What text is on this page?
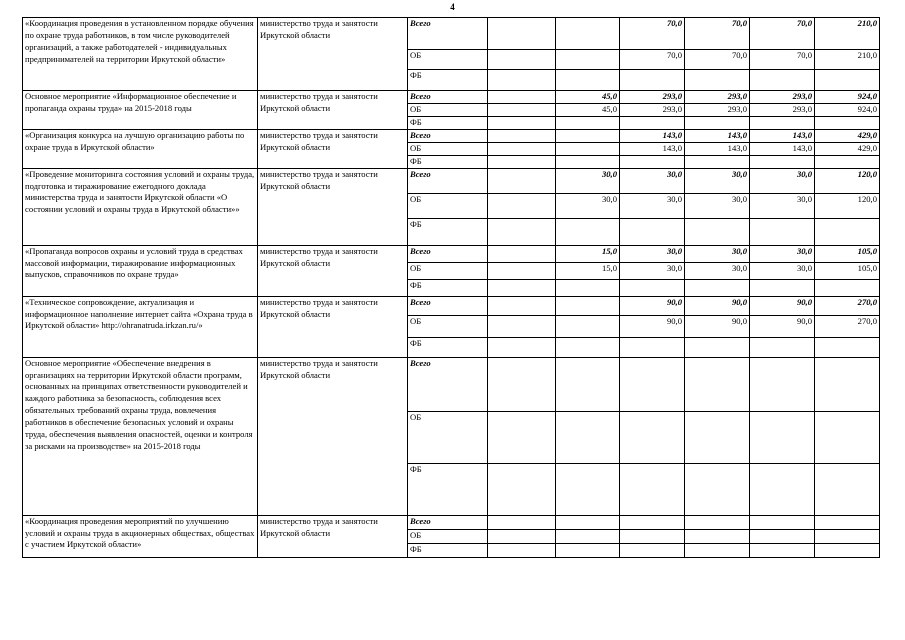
4
«Координация проведения в установленном порядке обучения по охране труда работников, в том числе руководителей организаций, а также работодателей - индивидуальных предпринимателей на территории Иркутской области»	министерство труда и занятости Иркутской области	Всего			70,0	70,0	70,0	210,0
		ОБ			70,0	70,0	70,0	210,0
		ФБ						
Основное мероприятие «Информационное обеспечение и пропаганда охраны труда» на 2015-2018 годы	министерство труда и занятости Иркутской области	Всего		45,0	293,0	293,0	293,0	924,0
		ОБ		45,0	293,0	293,0	293,0	924,0
		ФБ						
«Организация конкурса на лучшую организацию работы по охране труда в Иркутской области»	министерство труда и занятости Иркутской области	Всего			143,0	143,0	143,0	429,0
		ОБ			143,0	143,0	143,0	429,0
		ФБ						
«Проведение мониторинга состояния условий и охраны труда, подготовка и тиражирование ежегодного доклада министерства труда и занятости Иркутской области «О состоянии условий и охраны труда в Иркутской области»»	министерство труда и занятости Иркутской области	Всего		30,0	30,0	30,0	30,0	120,0
		ОБ		30,0	30,0	30,0	30,0	120,0
		ФБ						
«Пропаганда вопросов охраны и условий труда в средствах массовой информации, тиражирование информационных выпусков, справочников по охране труда»	министерство труда и занятости Иркутской области	Всего		15,0	30,0	30,0	30,0	105,0
		ОБ		15,0	30,0	30,0	30,0	105,0
		ФБ						
«Техническое сопровождение, актуализация и информационное наполнение интернет сайта «Охрана труда в Иркутской области» http://ohranatruda.irkzan.ru/»	министерство труда и занятости Иркутской области	Всего			90,0	90,0	90,0	270,0
		ОБ			90,0	90,0	90,0	270,0
		ФБ						
Основное мероприятие «Обеспечение внедрения в организациях на территории Иркутской области программ, основанных на принципах ответственности руководителей и каждого работника за безопасность, соблюдения всех обязательных требований охраны труда, вовлечения работников в обеспечение безопасных условий и охраны труда, обеспечения выявления опасностей, оценки и контроля за рисками на производстве» на 2015-2018 годы	министерство труда и занятости Иркутской области	Всего						
		ОБ						
		ФБ						
«Координация проведения мероприятий по улучшению условий и охраны труда в акционерных обществах, обществах с участием Иркутской области»	министерство труда и занятости Иркутской области	Всего						
		ОБ						
		ФБ						
